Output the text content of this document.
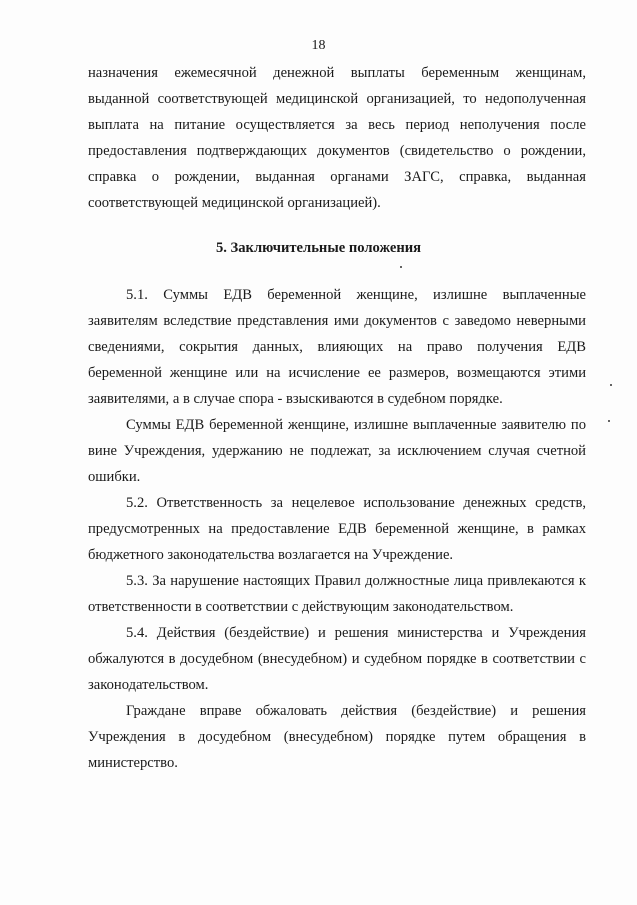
18

назначения ежемесячной денежной выплаты беременным женщинам, выданной соответствующей медицинской организацией, то недополученная выплата на питание осуществляется за весь период неполучения после предоставления подтверждающих документов (свидетельство о рождении, справка о рождении, выданная органами ЗАГС, справка, выданная соответствующей медицинской организацией).

5. Заключительные положения

5.1. Суммы ЕДВ беременной женщине, излишне выплаченные заявителям вследствие представления ими документов с заведомо неверными сведениями, сокрытия данных, влияющих на право получения ЕДВ беременной женщине или на исчисление ее размеров, возмещаются этими заявителями, а в случае спора - взыскиваются в судебном порядке.

Суммы ЕДВ беременной женщине, излишне выплаченные заявителю по вине Учреждения, удержанию не подлежат, за исключением случая счетной ошибки.

5.2. Ответственность за нецелевое использование денежных средств, предусмотренных на предоставление ЕДВ беременной женщине, в рамках бюджетного законодательства возлагается на Учреждение.

5.3. За нарушение настоящих Правил должностные лица привлекаются к ответственности в соответствии с действующим законодательством.

5.4. Действия (бездействие) и решения министерства и Учреждения обжалуются в досудебном (внесудебном) и судебном порядке в соответствии с законодательством.

Граждане вправе обжаловать действия (бездействие) и решения Учреждения в досудебном (внесудебном) порядке путем обращения в министерство.
